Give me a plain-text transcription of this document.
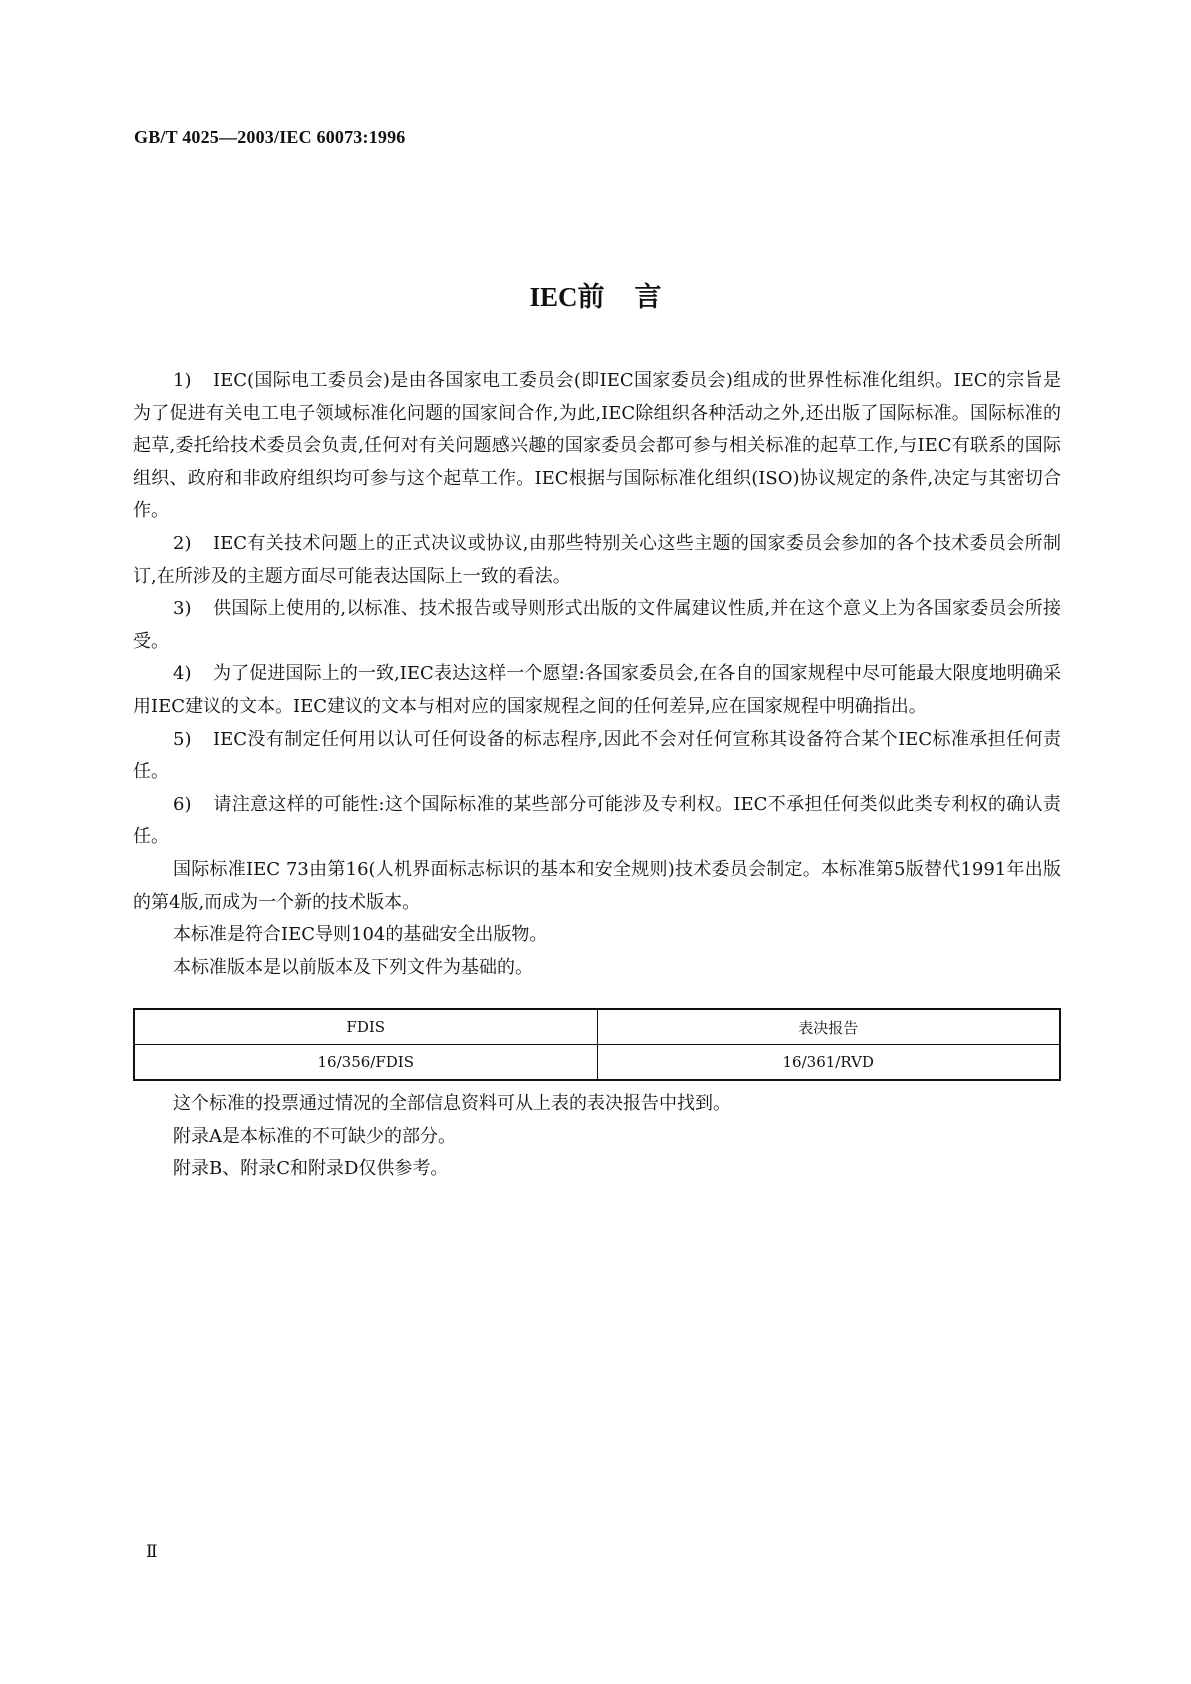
GB/T 4025—2003/IEC 60073:1996
IEC前 言

1) IEC(国际电工委员会)是由各国家电工委员会(即IEC国家委员会)组成的世界性标准化组织。IEC的宗旨是为了促进有关电工电子领域标准化问题的国家间合作,为此,IEC除组织各种活动之外,还出版了国际标准。国际标准的起草,委托给技术委员会负责,任何对有关问题感兴趣的国家委员会都可参与相关标准的起草工作,与IEC有联系的国际组织、政府和非政府组织均可参与这个起草工作。IEC根据与国际标准化组织(ISO)协议规定的条件,决定与其密切合作。

2) IEC有关技术问题上的正式决议或协议,由那些特别关心这些主题的国家委员会参加的各个技术委员会所制订,在所涉及的主题方面尽可能表达国际上一致的看法。

3) 供国际上使用的,以标准、技术报告或导则形式出版的文件属建议性质,并在这个意义上为各国家委员会所接受。

4) 为了促进国际上的一致,IEC表达这样一个愿望:各国家委员会,在各自的国家规程中尽可能最大限度地明确采用IEC建议的文本。IEC建议的文本与相对应的国家规程之间的任何差异,应在国家规程中明确指出。

5) IEC没有制定任何用以认可任何设备的标志程序,因此不会对任何宣称其设备符合某个IEC标准承担任何责任。

6) 请注意这样的可能性:这个国际标准的某些部分可能涉及专利权。IEC不承担任何类似此类专利权的确认责任。

国际标准IEC 73由第16(人机界面标志标识的基本和安全规则)技术委员会制定。本标准第5版替代1991年出版的第4版,而成为一个新的技术版本。

本标准是符合IEC导则104的基础安全出版物。

本标准版本是以前版本及下列文件为基础的。

FDIS	表决报告
16/356/FDIS	16/361/RVD

这个标准的投票通过情况的全部信息资料可从上表的表决报告中找到。

附录A是本标准的不可缺少的部分。

附录B、附录C和附录D仅供参考。

Ⅱ
